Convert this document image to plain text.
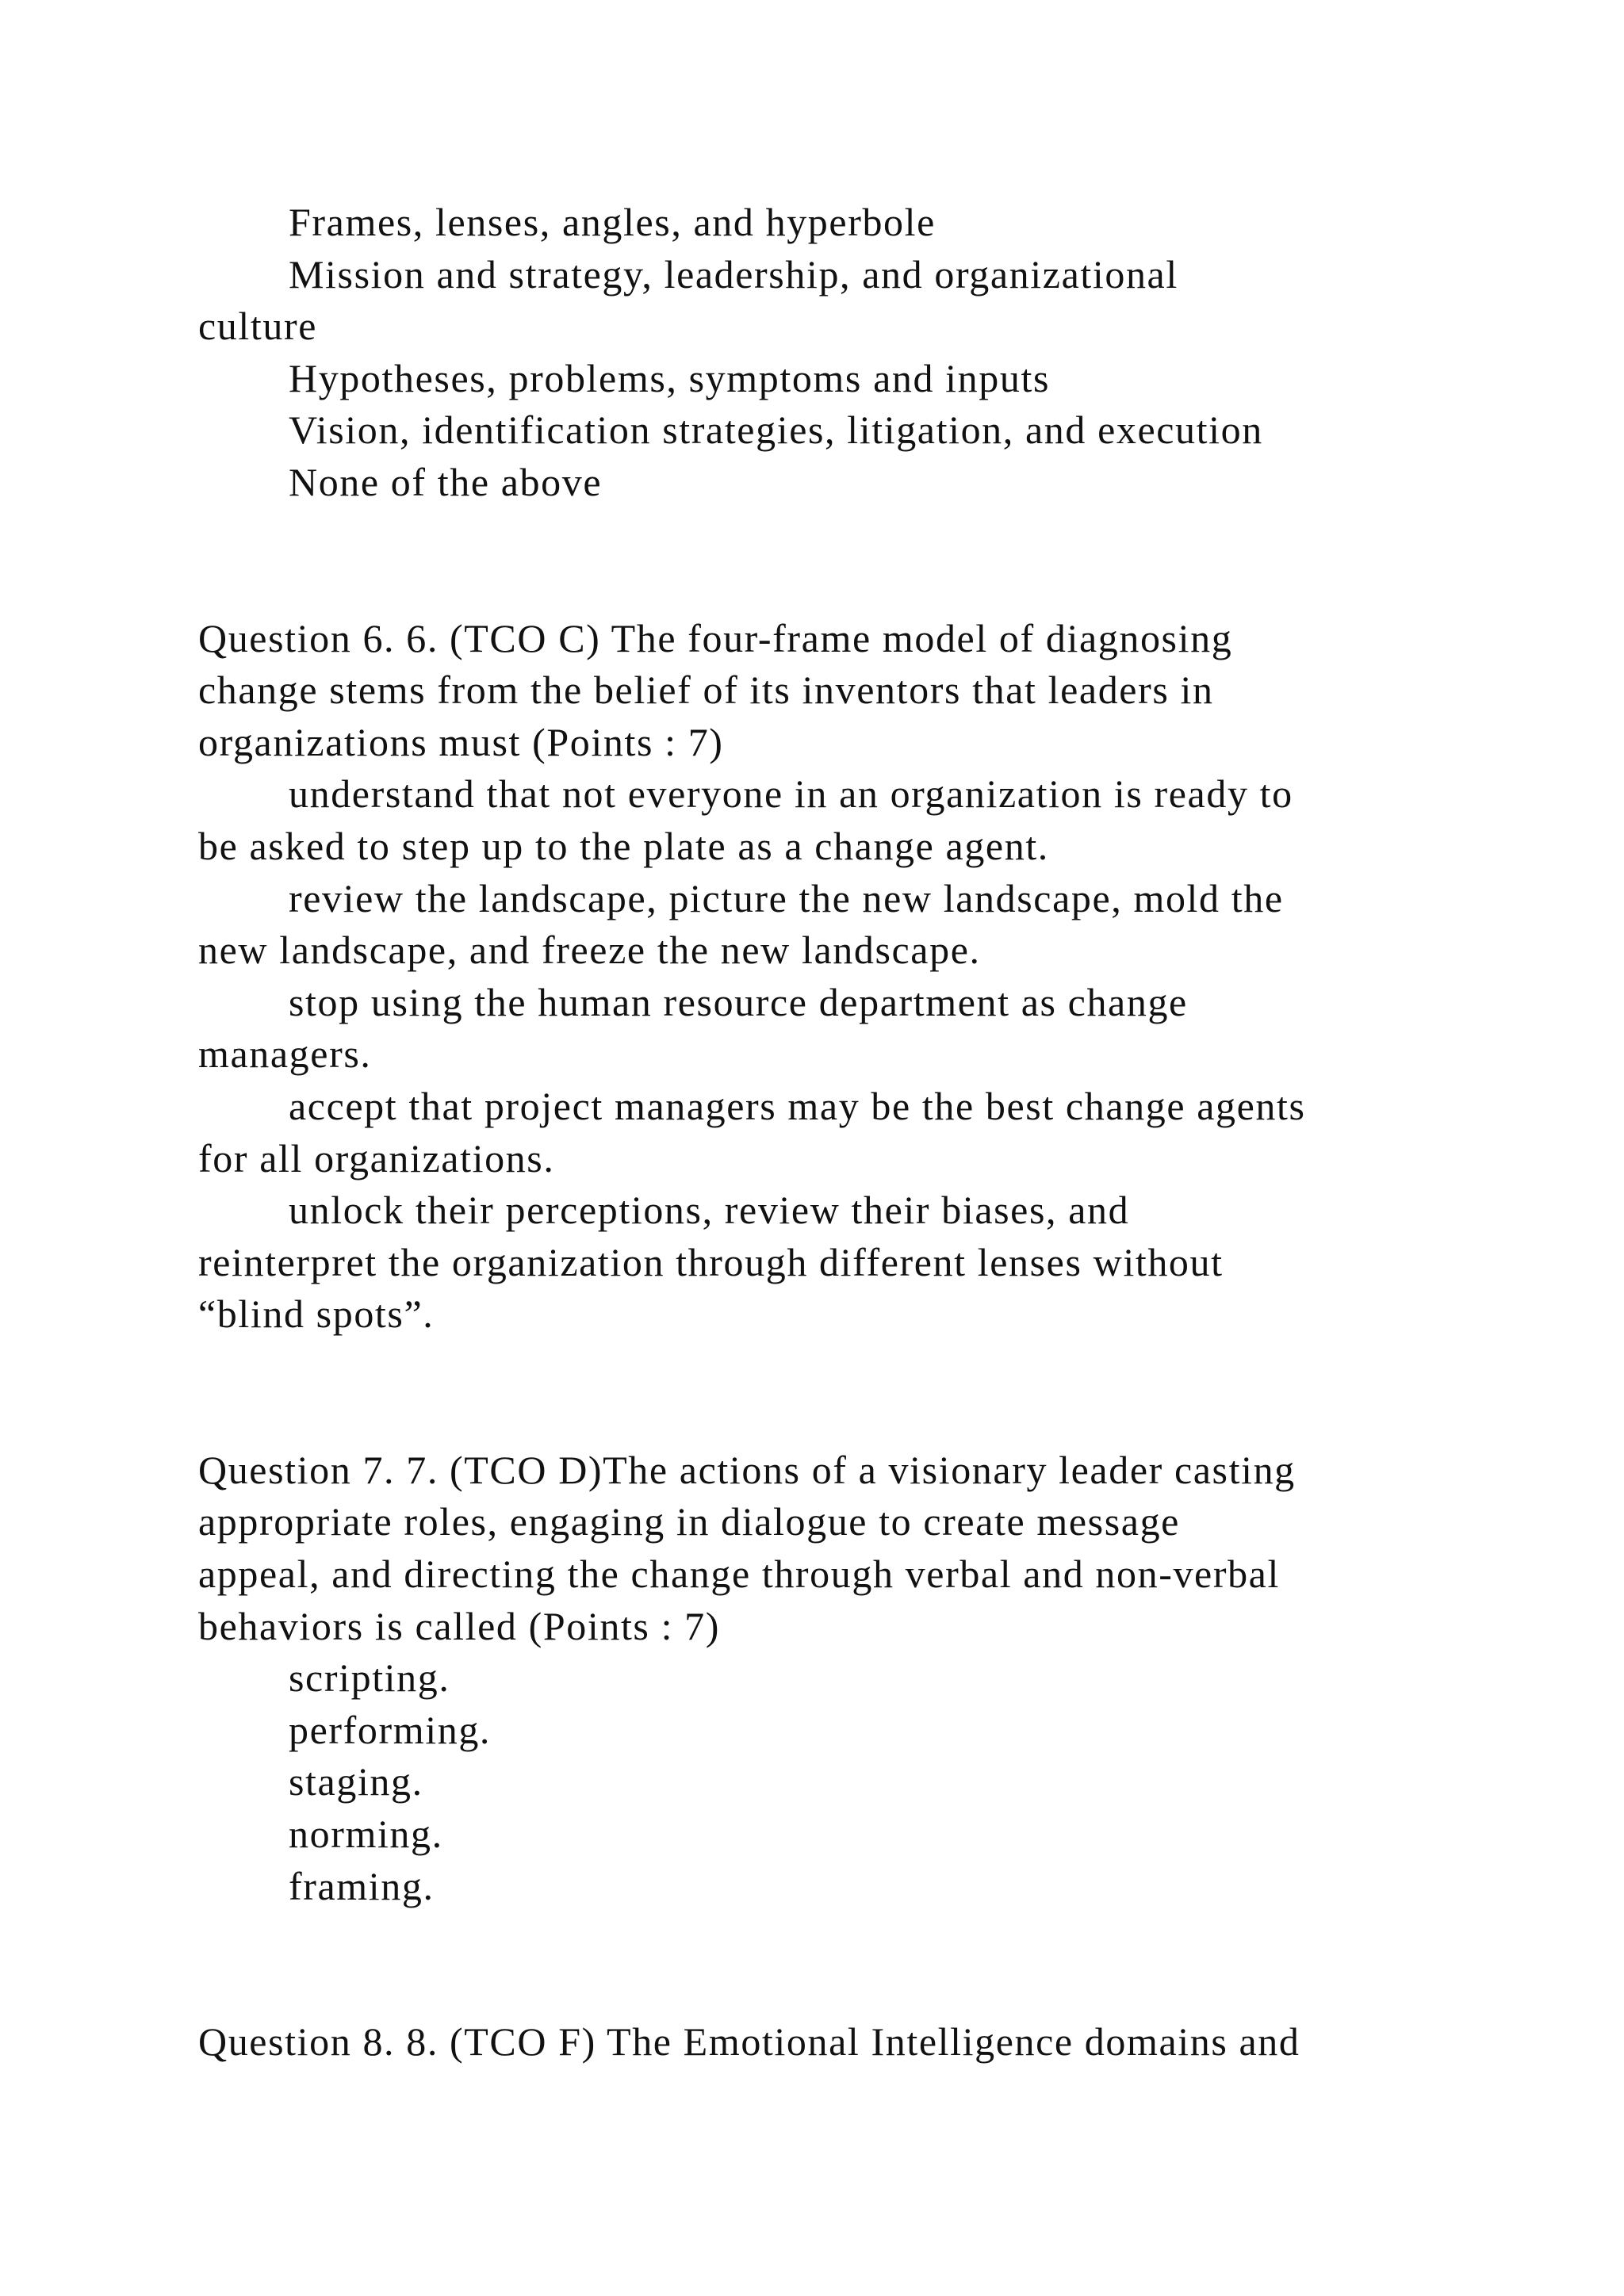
Frames, lenses, angles, and hyperbole
Mission and strategy, leadership, and organizational
culture
Hypotheses, problems, symptoms and inputs
Vision, identification strategies, litigation, and execution
None of the above
Question 6. 6. (TCO C) The four-frame model of diagnosing
change stems from the belief of its inventors that leaders in
organizations must (Points : 7)
understand that not everyone in an organization is ready to
be asked to step up to the plate as a change agent.
review the landscape, picture the new landscape, mold the
new landscape, and freeze the new landscape.
stop using the human resource department as change
managers.
accept that project managers may be the best change agents
for all organizations.
unlock their perceptions, review their biases, and
reinterpret the organization through different lenses without
“blind spots”.
Question 7. 7. (TCO D)The actions of a visionary leader casting
appropriate roles, engaging in dialogue to create message
appeal, and directing the change through verbal and non-verbal
behaviors is called (Points : 7)
scripting.
performing.
staging.
norming.
framing.
Question 8. 8. (TCO F) The Emotional Intelligence domains and
